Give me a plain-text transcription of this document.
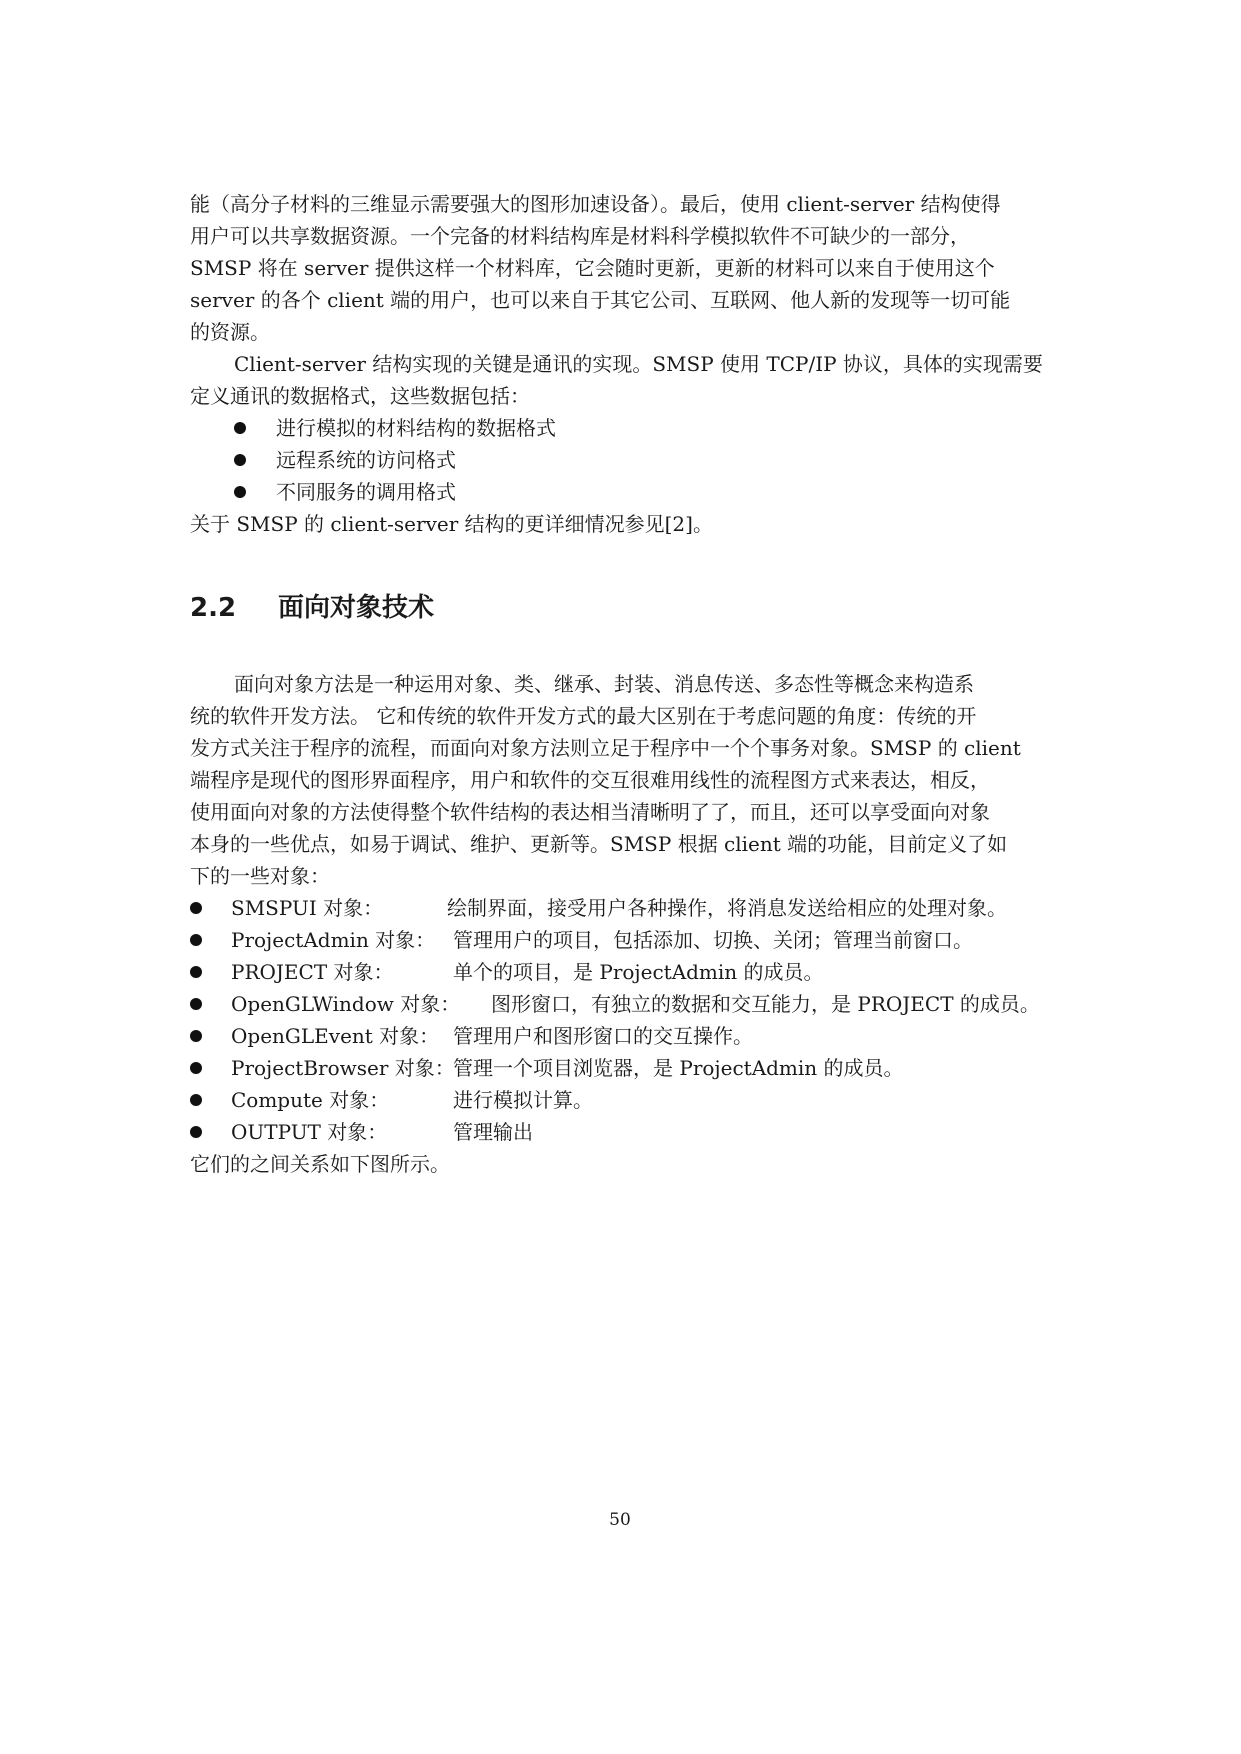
能（高分子材料的三维显示需要强大的图形加速设备）。最后，使用 client-server 结构使得
用户可以共享数据资源。一个完备的材料结构库是材料科学模拟软件不可缺少的一部分，
SMSP 将在 server 提供这样一个材料库，它会随时更新，更新的材料可以来自于使用这个
server 的各个 client 端的用户，也可以来自于其它公司、互联网、他人新的发现等一切可能
的资源。
Client-server 结构实现的关键是通讯的实现。SMSP 使用 TCP/IP 协议，具体的实现需要
定义通讯的数据格式，这些数据包括：
进行模拟的材料结构的数据格式
远程系统的访问格式
不同服务的调用格式
关于 SMSP 的 client-server 结构的更详细情况参见[2]。
2.2 面向对象技术
面向对象方法是一种运用对象、类、继承、封装、消息传送、多态性等概念来构造系
统的软件开发方法。 它和传统的软件开发方式的最大区别在于考虑问题的角度：传统的开
发方式关注于程序的流程，而面向对象方法则立足于程序中一个个事务对象。SMSP 的 client
端程序是现代的图形界面程序，用户和软件的交互很难用线性的流程图方式来表达，相反，
使用面向对象的方法使得整个软件结构的表达相当清晰明了了，而且，还可以享受面向对象
本身的一些优点，如易于调试、维护、更新等。SMSP 根据 client 端的功能，目前定义了如
下的一些对象：
SMSPUI 对象：	绘制界面，接受用户各种操作，将消息发送给相应的处理对象。
ProjectAdmin 对象： 管理用户的项目，包括添加、切换、关闭；管理当前窗口。
PROJECT 对象：	单个的项目，是 ProjectAdmin 的成员。
OpenGLWindow 对象： 图形窗口，有独立的数据和交互能力，是 PROJECT 的成员。
OpenGLEvent 对象： 管理用户和图形窗口的交互操作。
ProjectBrowser 对象：
管理一个项目浏览器，是 ProjectAdmin 的成员。
Compute 对象：	进行模拟计算。
OUTPUT 对象：	管理输出
它们的之间关系如下图所示。
50
